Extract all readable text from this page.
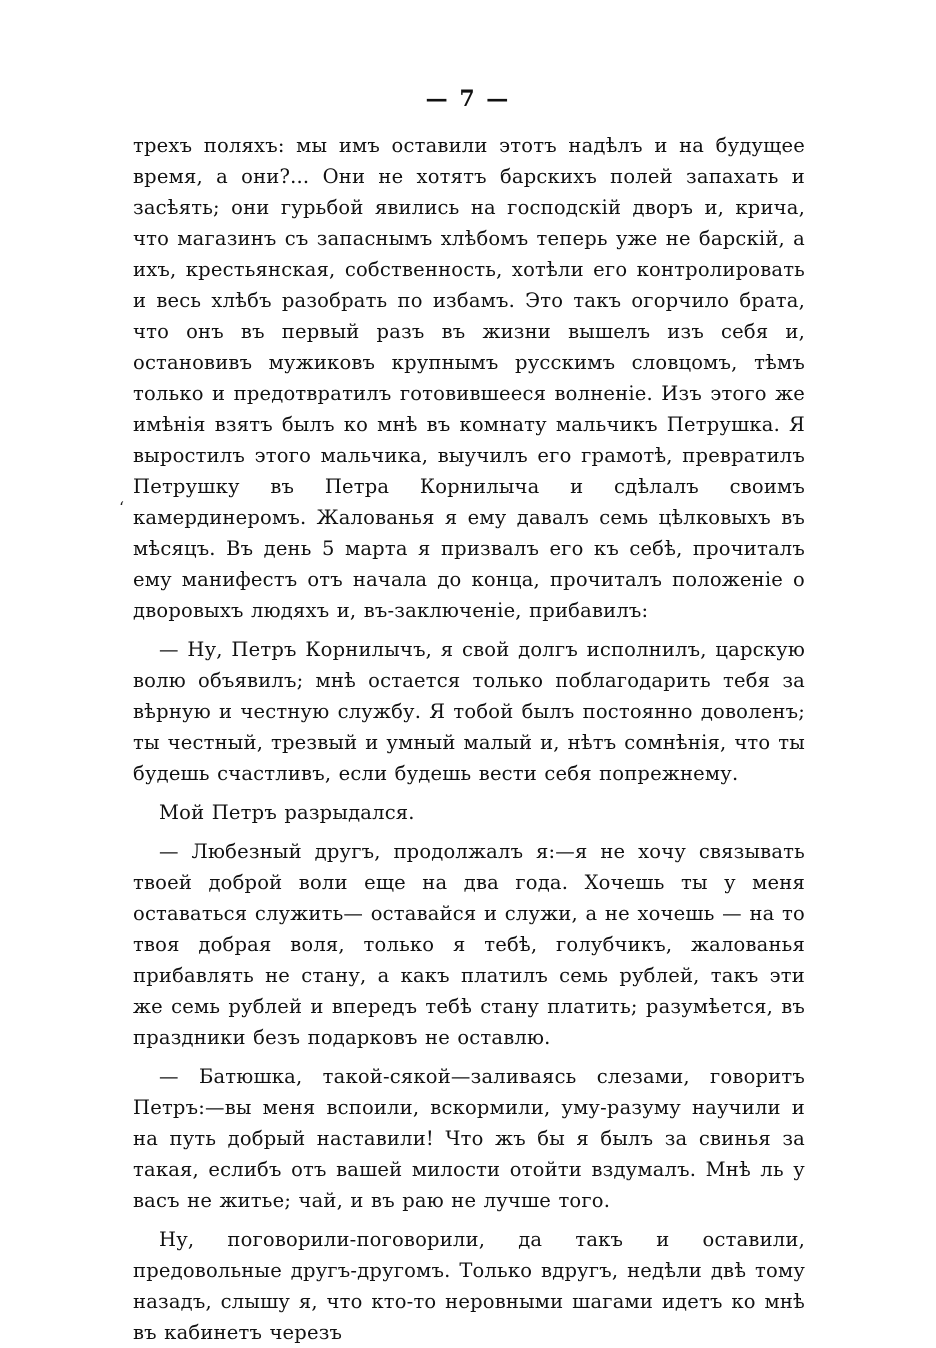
— 7 —
ʻ

трехъ поляхъ: мы имъ оставили этотъ надѣлъ и на будущее время, а они?... Они не хотятъ барскихъ полей запахать и засѣять; они гурьбой явились на господскій дворъ и, крича, что магазинъ съ запаснымъ хлѣбомъ теперь уже не барскій, а ихъ, крестьянская, собственность, хотѣли его контролировать и весь хлѣбъ разобрать по избамъ. Это такъ огорчило брата, что онъ въ первый разъ въ жизни вышелъ изъ себя и, остановивъ мужиковъ крупнымъ русскимъ словцомъ, тѣмъ только и предотвратилъ готовившееся волненіе. Изъ этого же имѣнія взятъ былъ ко мнѣ въ комнату мальчикъ Петрушка. Я выростилъ этого мальчика, выучилъ его грамотѣ, превратилъ Петрушку въ Петра Корнилыча и сдѣлалъ своимъ камердинеромъ. Жалованья я ему давалъ семь цѣлковыхъ въ мѣсяцъ. Въ день 5 марта я призвалъ его къ себѣ, прочиталъ ему манифестъ отъ начала до конца, прочиталъ положеніе о дворовыхъ людяхъ и, въ-заключеніе, прибавилъ:

— Ну, Петръ Корнилычъ, я свой долгъ исполнилъ, царскую волю объявилъ; мнѣ остается только поблагодарить тебя за вѣрную и честную службу. Я тобой былъ постоянно доволенъ; ты честный, трезвый и умный малый и, нѣтъ сомнѣнія, что ты будешь счастливъ, если будешь вести себя попрежнему.

Мой Петръ разрыдался.

— Любезный другъ, продолжалъ я:—я не хочу связывать твоей доброй воли еще на два года. Хочешь ты у меня оставаться служить— оставайся и служи, а не хочешь — на то твоя добрая воля, только я тебѣ, голубчикъ, жалованья прибавлять не стану, а какъ платилъ семь рублей, такъ эти же семь рублей и впередъ тебѣ стану платить; разумѣется, въ праздники безъ подарковъ не оставлю.

— Батюшка, такой-сякой—заливаясь слезами, говоритъ Петръ:—вы меня вспоили, вскормили, уму-разуму научили и на путь добрый наставили! Что жъ бы я былъ за свинья за такая, еслибъ отъ вашей милости отойти вздумалъ. Мнѣ ль у васъ не житье; чай, и въ раю не лучше того.

Ну, поговорили-поговорили, да такъ и оставили, предовольные другъ-другомъ. Только вдругъ, недѣли двѣ тому назадъ, слышу я, что кто-то неровными шагами идетъ ко мнѣ въ кабинетъ черезъ
